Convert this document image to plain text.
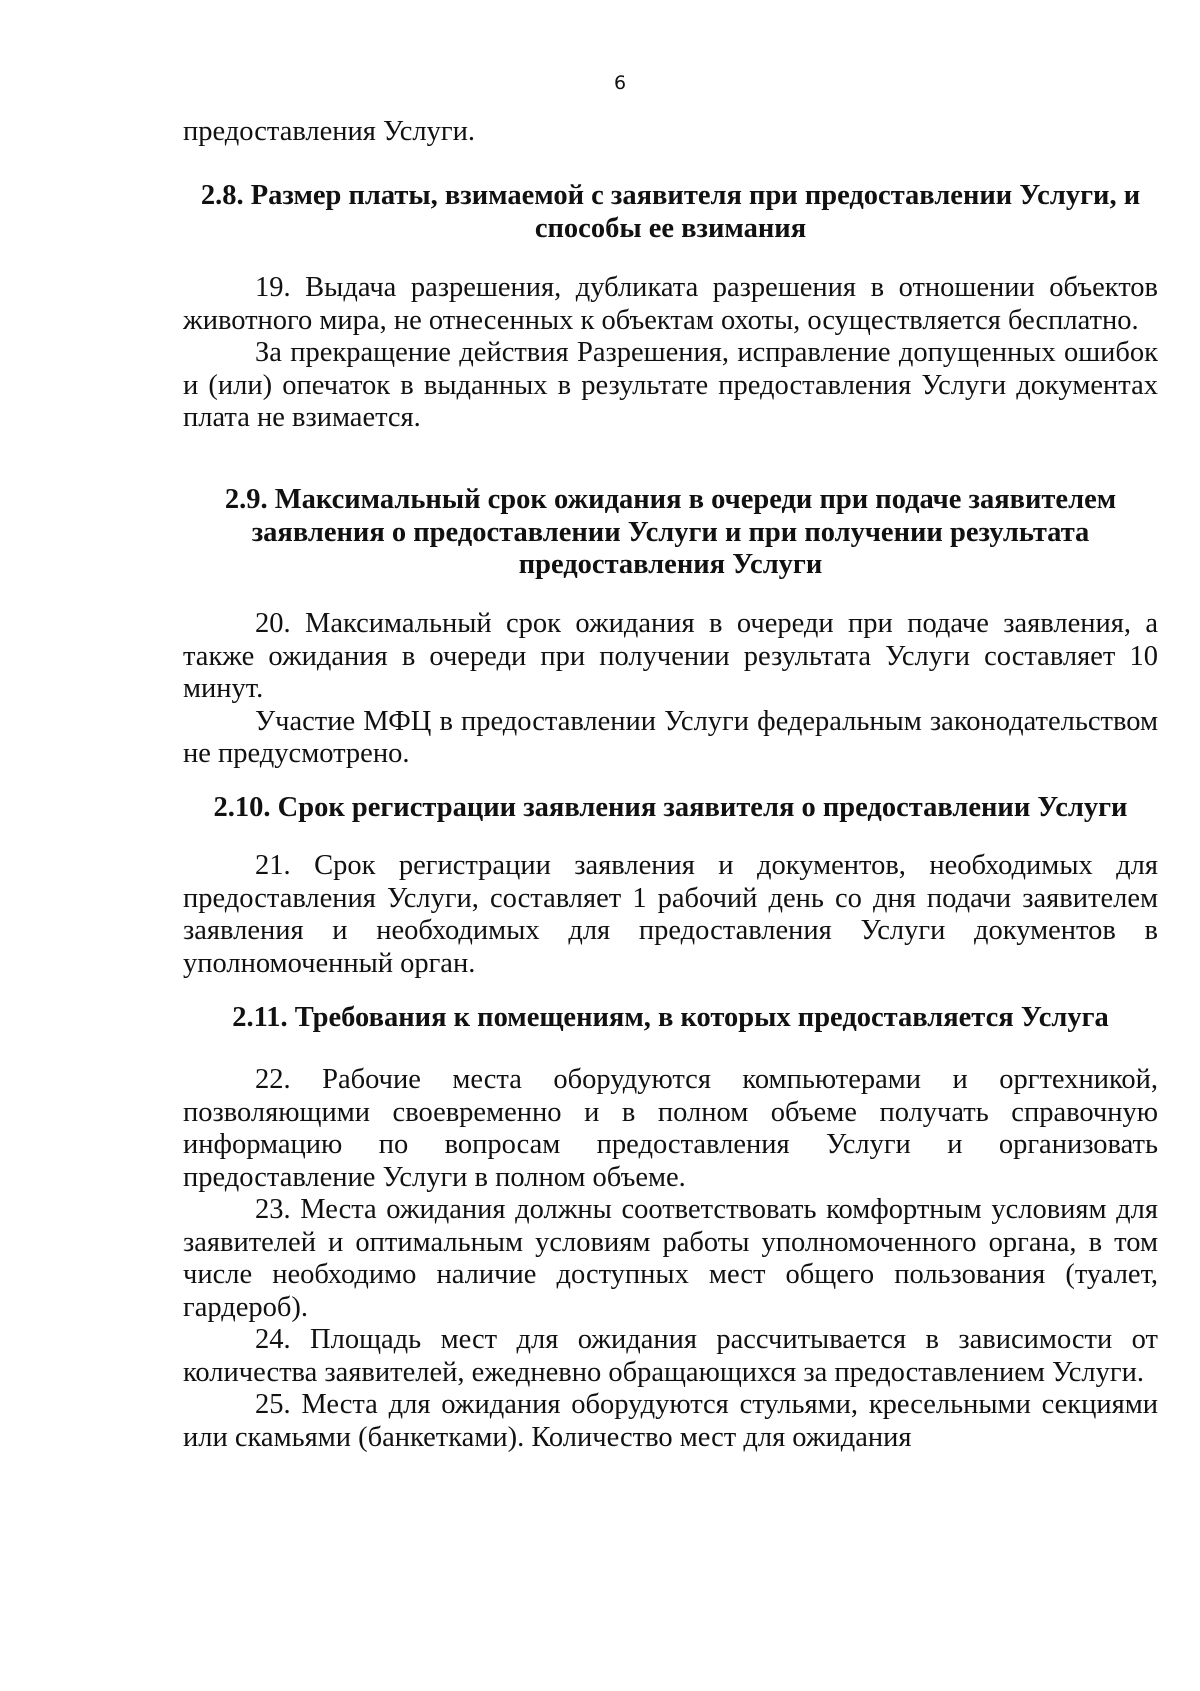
6

предоставления Услуги.

2.8. Размер платы, взимаемой с заявителя при предоставлении Услуги, и способы ее взимания

19. Выдача разрешения, дубликата разрешения в отношении объектов животного мира, не отнесенных к объектам охоты, осуществляется бесплатно.

За прекращение действия Разрешения, исправление допущенных ошибок и (или) опечаток в выданных в результате предоставления Услуги документах плата не взимается.

2.9. Максимальный срок ожидания в очереди при подаче заявителем заявления о предоставлении Услуги и при получении результата предоставления Услуги

20. Максимальный срок ожидания в очереди при подаче заявления, а также ожидания в очереди при получении результата Услуги составляет 10 минут.

Участие МФЦ в предоставлении Услуги федеральным законодательством не предусмотрено.

2.10. Срок регистрации заявления заявителя о предоставлении Услуги

21. Срок регистрации заявления и документов, необходимых для предоставления Услуги, составляет 1 рабочий день со дня подачи заявителем заявления и необходимых для предоставления Услуги документов в уполномоченный орган.

2.11. Требования к помещениям, в которых предоставляется Услуга

22. Рабочие места оборудуются компьютерами и оргтехникой, позволяющими своевременно и в полном объеме получать справочную информацию по вопросам предоставления Услуги и организовать предоставление Услуги в полном объеме.

23. Места ожидания должны соответствовать комфортным условиям для заявителей и оптимальным условиям работы уполномоченного органа, в том числе необходимо наличие доступных мест общего пользования (туалет, гардероб).

24. Площадь мест для ожидания рассчитывается в зависимости от количества заявителей, ежедневно обращающихся за предоставлением Услуги.

25. Места для ожидания оборудуются стульями, кресельными секциями или скамьями (банкетками). Количество мест для ожидания
